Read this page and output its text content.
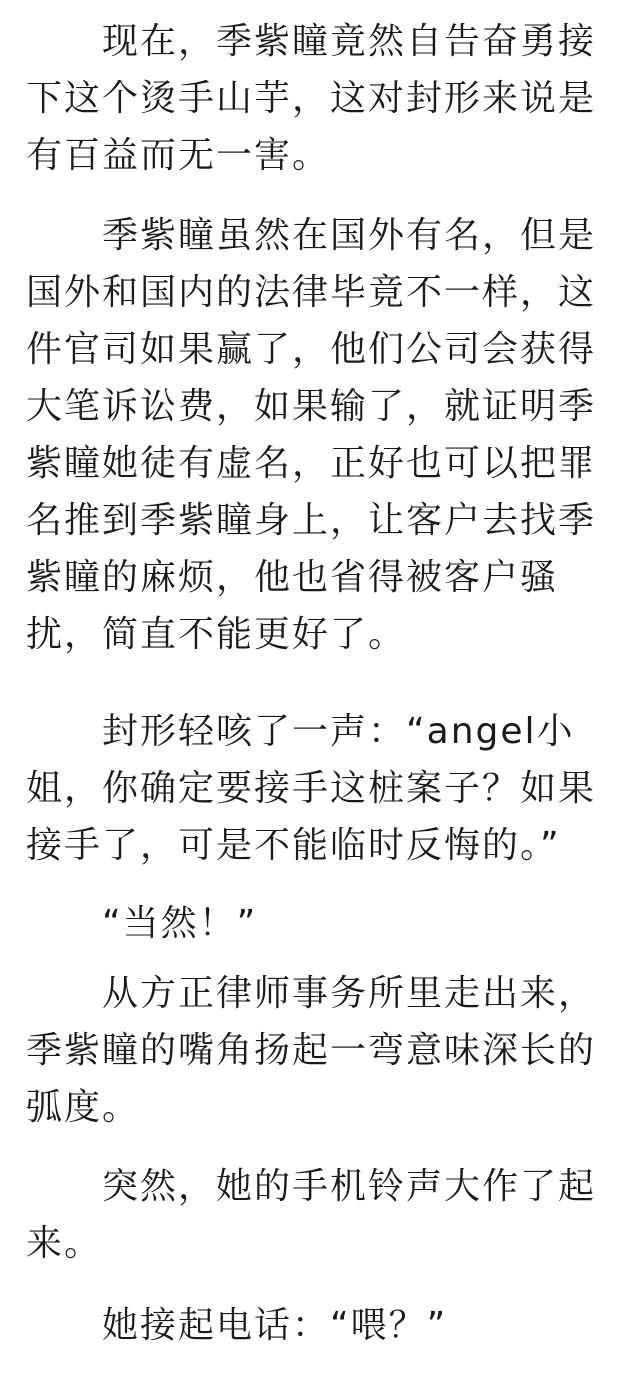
现在，季紫瞳竟然自告奋勇接下这个烫手山芋，这对封形来说是有百益而无一害。

季紫瞳虽然在国外有名，但是国外和国内的法律毕竟不一样，这件官司如果赢了，他们公司会获得大笔诉讼费，如果输了，就证明季紫瞳她徒有虚名，正好也可以把罪名推到季紫瞳身上，让客户去找季紫瞳的麻烦，他也省得被客户骚扰，简直不能更好了。

封形轻咳了一声：“angel小姐，你确定要接手这桩案子？如果接手了，可是不能临时反悔的。”

“当然！”

从方正律师事务所里走出来，季紫瞳的嘴角扬起一弯意味深长的弧度。

突然，她的手机铃声大作了起来。

她接起电话：“喂？”
